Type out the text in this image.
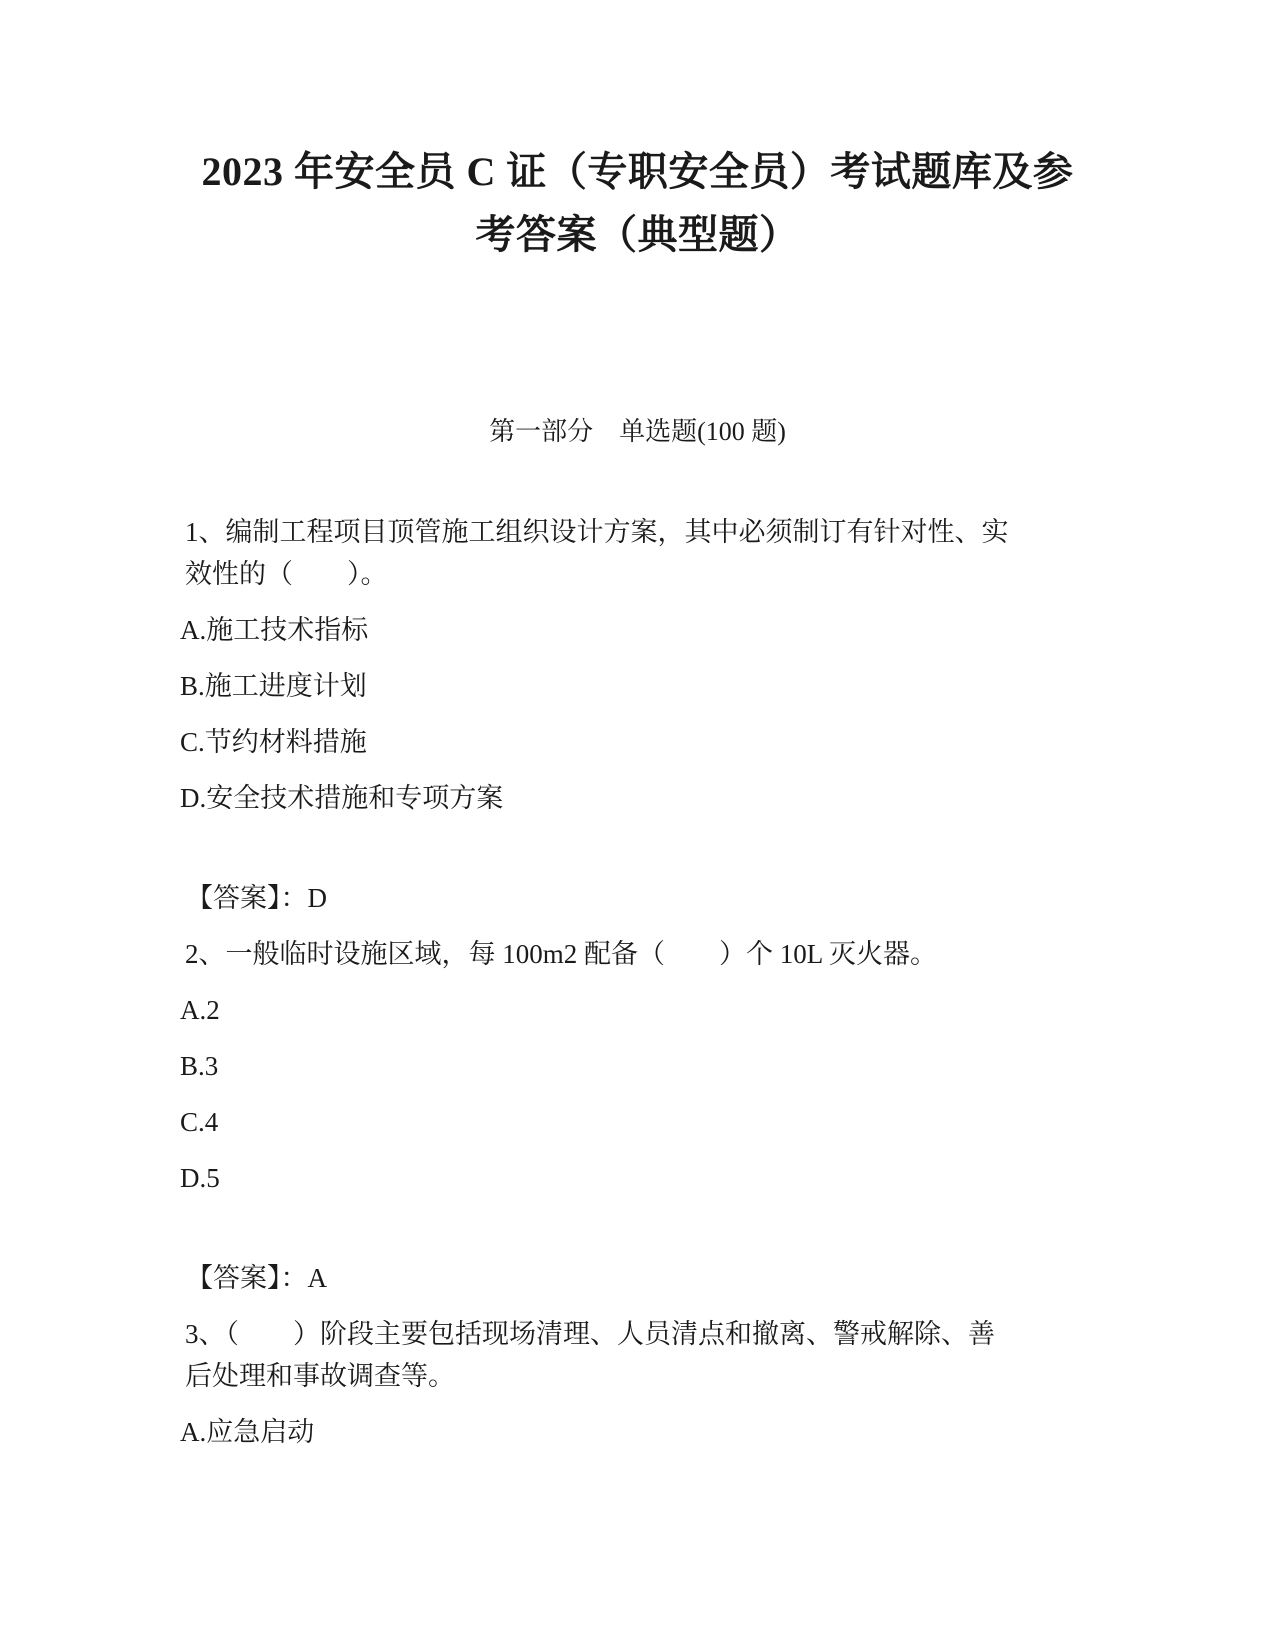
2023 年安全员 C 证（专职安全员）考试题库及参
考答案（典型题）
第一部分　单选题(100 题)
1、编制工程项目顶管施工组织设计方案，其中必须制订有针对性、实
效性的（　　）。
A.施工技术指标
B.施工进度计划
C.节约材料措施
D.安全技术措施和专项方案
【答案】：D
2、一般临时设施区域，每 100m2 配备（　　）个 10L 灭火器。
A.2
B.3
C.4
D.5
【答案】：A
3、（　　）阶段主要包括现场清理、人员清点和撤离、警戒解除、善
后处理和事故调查等。
A.应急启动
